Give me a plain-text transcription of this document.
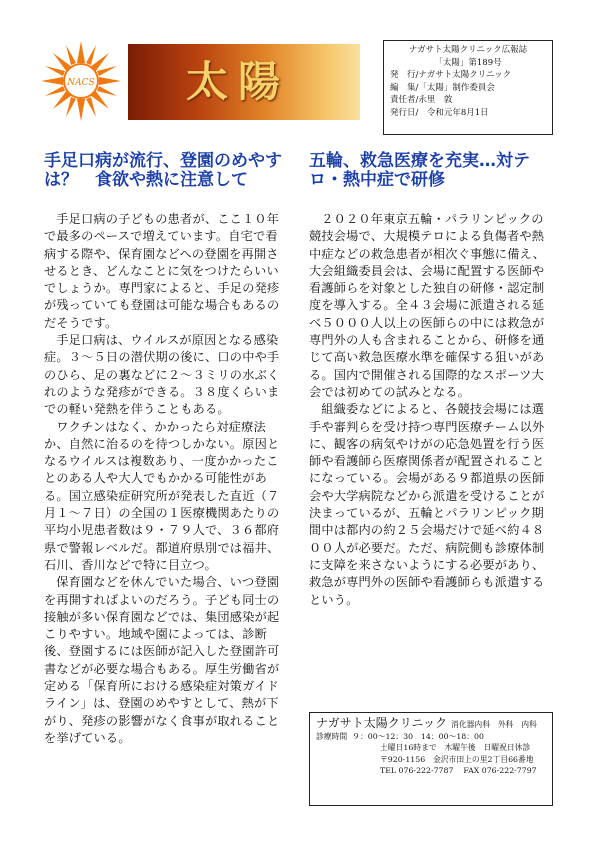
NACS 太陽
ナガサト太陽クリニック広報誌
「太陽」第189号
発　行/ナガサト太陽クリニック
編　集/「太陽」制作委員会
責任者/永里　敦
発行日/　令和元年8月1日
手足口病が流行、登園のめやすは？　食欲や熱に注意して

手足口病の子どもの患者が、ここ１０年で最多のペースで増えています。自宅で看病する際や、保育園などへの登園を再開させるとき、どんなことに気をつけたらいいでしょうか。専門家によると、手足の発疹が残っていても登園は可能な場合もあるのだそうです。

手足口病は、ウイルスが原因となる感染症。３～５日の潜伏期の後に、口の中や手のひら、足の裏などに２～３ミリの水ぶくれのような発疹ができる。３８度くらいまでの軽い発熱を伴うこともある。

ワクチンはなく、かかったら対症療法か、自然に治るのを待つしかない。原因となるウイルスは複数あり、一度かかったことのある人や大人でもかかる可能性がある。国立感染症研究所が発表した直近（７月１～７日）の全国の１医療機関あたりの平均小児患者数は９・７９人で、３６都府県で警報レベルだ。都道府県別では福井、石川、香川などで特に目立つ。

保育園などを休んでいた場合、いつ登園を再開すればよいのだろう。子ども同士の接触が多い保育園などでは、集団感染が起こりやすい。地域や園によっては、診断後、登園するには医師が記入した登園許可書などが必要な場合もある。厚生労働省が定める「保育所における感染症対策ガイドライン」は、登園のめやすとして、熱が下がり、発疹の影響がなく食事が取れることを挙げている。

五輪、救急医療を充実…対テロ・熱中症で研修

２０２０年東京五輪・パラリンピックの競技会場で、大規模テロによる負傷者や熱中症などの救急患者が相次ぐ事態に備え、大会組織委員会は、会場に配置する医師や看護師らを対象とした独自の研修・認定制度を導入する。全４３会場に派遣される延べ５０００人以上の医師らの中には救急が専門外の人も含まれることから、研修を通じて高い救急医療水準を確保する狙いがある。国内で開催される国際的なスポーツ大会では初めての試みとなる。

組織委などによると、各競技会場には選手や審判らを受け持つ専門医療チーム以外に、観客の病気やけがの応急処置を行う医師や看護師ら医療関係者が配置されることになっている。会場がある９都道県の医師会や大学病院などから派遣を受けることが決まっているが、五輪とパラリンピック期間中は都内の約２５会場だけで延べ約４８００人が必要だ。ただ、病院側も診療体制に支障を来さないようにする必要があり、救急が専門外の医師や看護師らも派遣するという。

ナガサト太陽クリニック 消化器内科　外科　内科
診療時間 ９：00～12：30　14：00～18：00
土曜日16時まで　木曜午後　日曜祝日休診
〒920-1156　金沢市田上の里2丁目66番地
TEL 076-222-7787 FAX 076-222-7797
